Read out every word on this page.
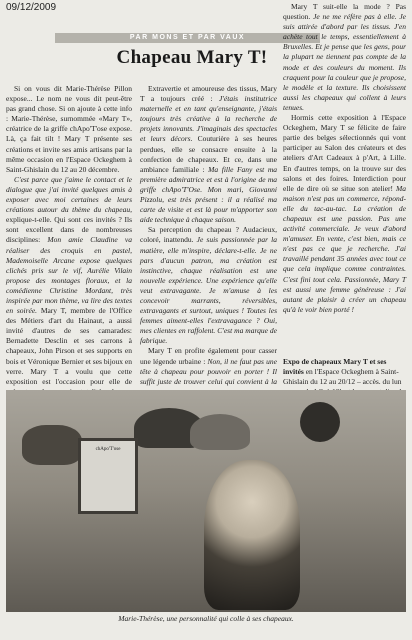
09/12/2009
PAR MONS ET PAR VAUX
Chapeau Mary T!

Si on vous dit Marie-Thérèse Pillon expose... Le nom ne vous dit peut-être pas grand chose. Si on ajoute à cette info : Marie-Thérèse, surnommée «Mary T», créatrice de la griffe chApo'T'ose expose. Là, ça fait tilt ! Mary T présente ses créations et invite ses amis artisans par la même occasion en l'Espace Ockeghem à Saint-Ghislain du 12 au 20 décembre.

C'est parce que j'aime le contact et le dialogue que j'ai invité quelques amis à exposer avec moi certaines de leurs créations autour du thème du chapeau, explique-t-elle. Qui sont ces invités ? Ils sont excellent dans de nombreuses disciplines: Mon amie Claudine va réaliser des croquis en pastel, Mademoiselle Arcane expose quelques clichés pris sur le vif, Aurélie Vilain propose des montages floraux, et la comédienne Christine Mordant, très inspirée par mon thème, va lire des textes en soirée. Mary T, membre de l'Office des Métiers d'art du Hainaut, a aussi invité d'autres de ses camarades: Bernadette Desclin et ses carrons à chapeaux, John Pirson et ses supports en bois et Véronique Bernier et ses bijoux en verre. Mary T a voulu que cette exposition est l'occasion pour elle de

Extravertie et amoureuse des tissus, Mary T a toujours créé : J'étais institutrice maternelle et en tant qu'enseignante, j'étais toujours très créative à la recherche de projets innovants. J'imaginais des spectacles et leurs décors. Couturière à ses heures perdues, elle se consacre ensuite à la confection de chapeaux. Et ce, dans une ambiance familiale : Ma fille Fany est ma première admiratrice et est à l'origine de ma griffe chApo'T'Ose. Mon mari, Giovanni Pizzolu, est très présent : il a réalisé ma carte de visite et est là pour m'apporter son aide technique à chaque saison.

Sa perception du chapeau ? Audacieux, coloré, inattendu. Je suis passionnée par la matière, elle m'inspire, déclare-t-elle. Je ne pars d'aucun patron, ma création est instinctive, chaque réalisation est une nouvelle expérience. Une expérience qu'elle veut extravagante. Je m'amuse à les concevoir marrants, réversibles, extravagants et surtout, uniques ! Toutes les femmes aiment-elles l'extravagance ? Oui, mes clientes en raffolent. C'est ma marque de fabrique.

Mary T en profite également pour casser une légende urbaine : Non, il ne faut pas une tête à chapeau pour pouvoir en porter ! Il suffit juste de trouver celui qui convient à la

Mary T suit-elle la mode ? Pas question. Je ne me réfère pas à elle. Je suis attirée d'abord par les tissus. J'en achète tout le temps, essentiellement à Bruxelles. Et je pense que les gens, pour la plupart ne tiennent pas compte de la mode et des couleurs du moment. Ils craquent pour la couleur que je propose, le modèle et la texture. Ils choisissent aussi les chapeaux qui collent à leurs tenues.

Hormis cette exposition à l'Espace Ockeghem, Mary T se félicite de faire partie des belges sélectionnés qui vont participer au Salon des créateurs et des ateliers d'Art Cadeaux à p'Art, à Lille. En d'autres temps, on la trouve sur des salons et des foires. Interdiction pour elle de dire où se situe son atelier! Ma maison n'est pas un commerce, répond-elle du tac-au-tac. La création de chapeaux est une passion. Pas une activité commerciale. Je veux d'abord m'amuser. En vente, c'est bien, mais ce n'est pas ce que je recherche. J'ai travaillé pendant 35 années avec tout ce que cela implique comme contraintes. C'est fini tout cela. Passionnée, Mary T est aussi une femme généreuse : J'ai autant de plaisir à créer un chapeau qu'à le voir bien porté !

Expo de chapeaux Mary T et ses invités en l'Espace Ockeghem à Saint-Ghislain du 12 au 20/12 – accès. du lun
chApo'T'ose
Marie-Thérèse, une personnalité qui colle à ses chapeaux.
